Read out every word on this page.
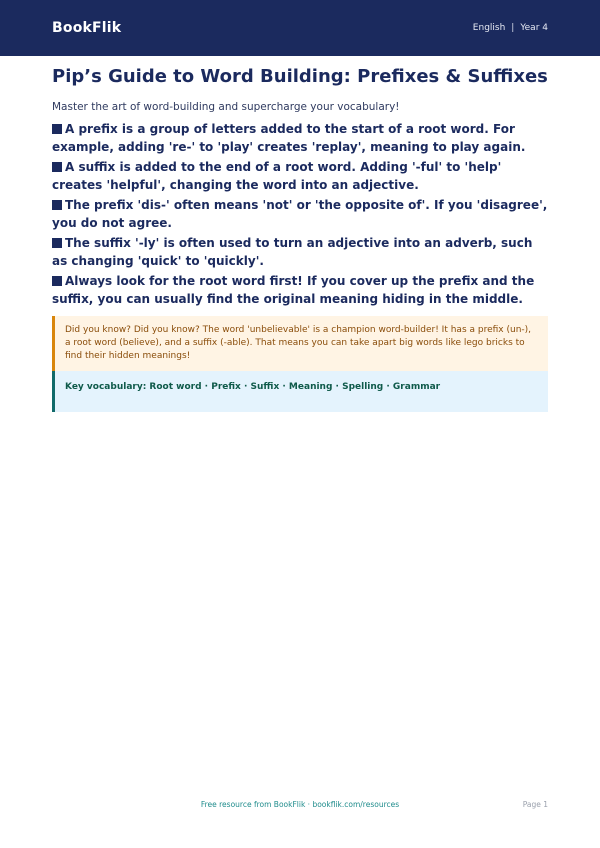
BookFlik	English | Year 4
Pip’s Guide to Word Building: Prefixes & Suffixes

Master the art of word-building and supercharge your vocabulary!

A prefix is a group of letters added to the start of a root word. For example, adding 're-' to 'play' creates 'replay', meaning to play again.
A suffix is added to the end of a root word. Adding '-ful' to 'help' creates 'helpful', changing the word into an adjective.
The prefix 'dis-' often means 'not' or 'the opposite of'. If you 'disagree', you do not agree.
The suffix '-ly' is often used to turn an adjective into an adverb, such as changing 'quick' to 'quickly'.
Always look for the root word first! If you cover up the prefix and the suffix, you can usually find the original meaning hiding in the middle.
Did you know? Did you know? The word 'unbelievable' is a champion word-builder! It has a prefix (un-), a root word (believe), and a suffix (-able). That means you can take apart big words like lego bricks to find their hidden meanings!
Key vocabulary: Root word · Prefix · Suffix · Meaning · Spelling · Grammar
Free resource from BookFlik · bookflik.com/resources	Page 1
